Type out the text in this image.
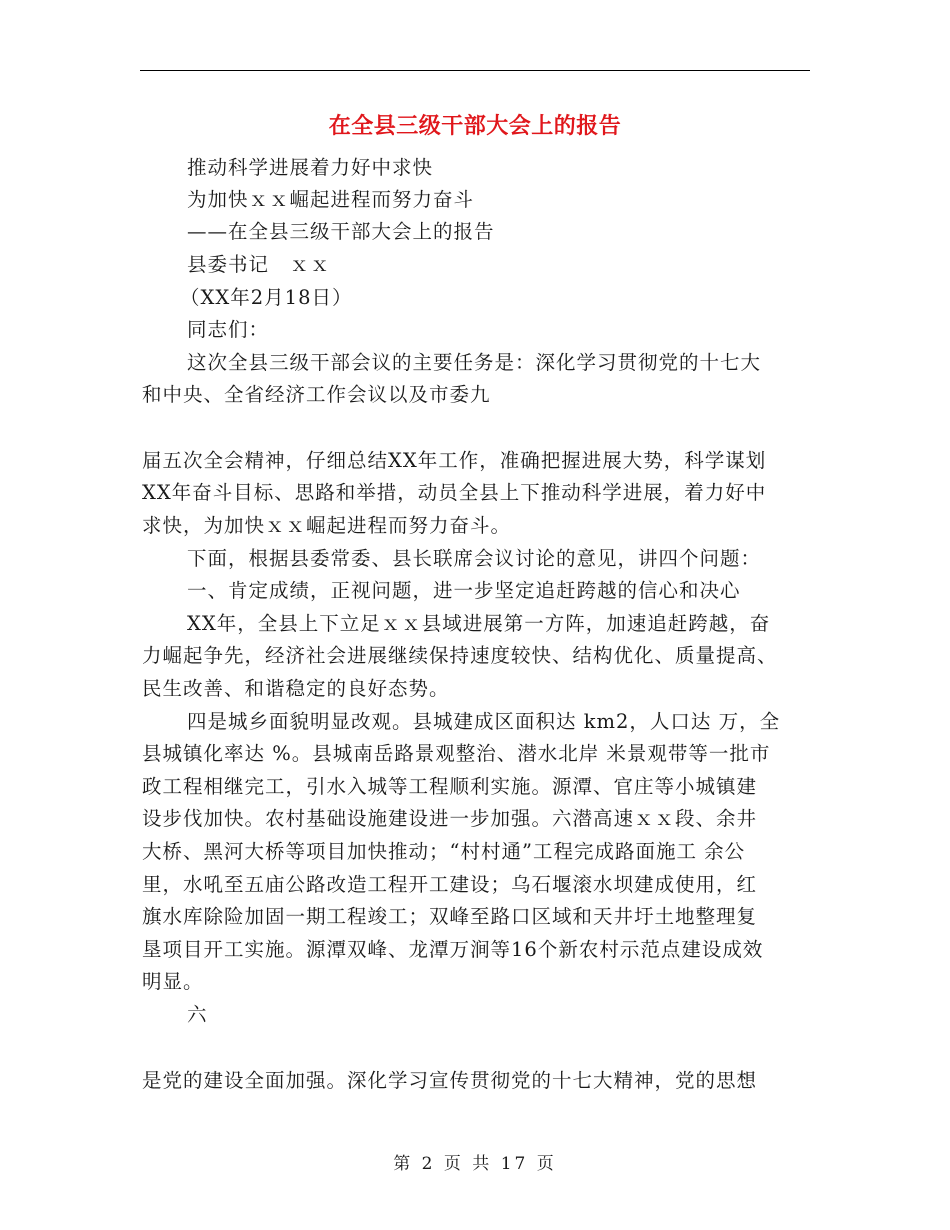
在全县三级干部大会上的报告
推动科学进展着力好中求快
为加快ｘｘ崛起进程而努力奋斗
——在全县三级干部大会上的报告
县委书记　ｘｘ
（XX年2月18日）
同志们：
这次全县三级干部会议的主要任务是：深化学习贯彻党的十七大
和中央、全省经济工作会议以及市委九
届五次全会精神，仔细总结XX年工作，准确把握进展大势，科学谋划
XX年奋斗目标、思路和举措，动员全县上下推动科学进展，着力好中
求快，为加快ｘｘ崛起进程而努力奋斗。
下面，根据县委常委、县长联席会议讨论的意见，讲四个问题：
一、肯定成绩，正视问题，进一步坚定追赶跨越的信心和决心
XX年，全县上下立足ｘｘ县域进展第一方阵，加速追赶跨越，奋
力崛起争先，经济社会进展继续保持速度较快、结构优化、质量提高、
民生改善、和谐稳定的良好态势。
四是城乡面貌明显改观。县城建成区面积达 km2，人口达 万，全
县城镇化率达 %。县城南岳路景观整治、潜水北岸 米景观带等一批市
政工程相继完工，引水入城等工程顺利实施。源潭、官庄等小城镇建
设步伐加快。农村基础设施建设进一步加强。六潜高速ｘｘ段、余井
大桥、黑河大桥等项目加快推动；“村村通”工程完成路面施工 余公
里，水吼至五庙公路改造工程开工建设；乌石堰滚水坝建成使用，红
旗水库除险加固一期工程竣工；双峰至路口区域和天井圩土地整理复
垦项目开工实施。源潭双峰、龙潭万涧等16个新农村示范点建设成效
明显。
六
是党的建设全面加强。深化学习宣传贯彻党的十七大精神，党的思想
第 2 页 共 17 页
